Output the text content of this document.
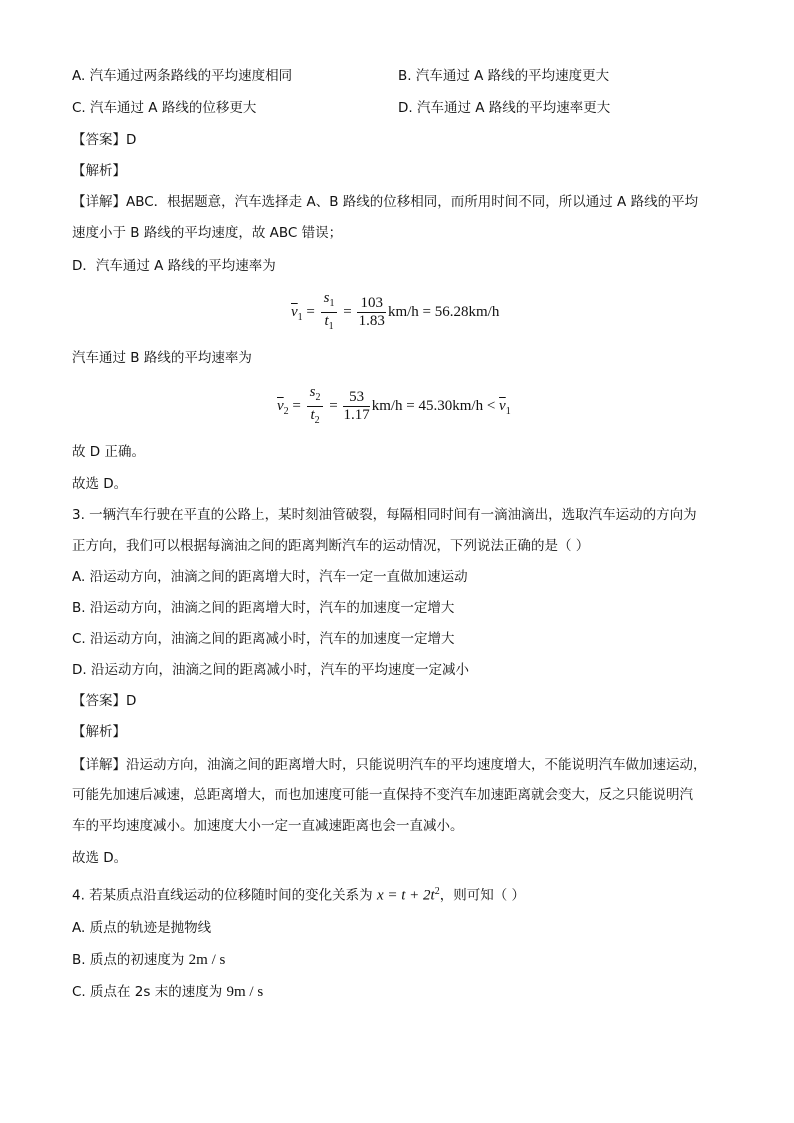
A. 汽车通过两条路线的平均速度相同	B. 汽车通过 A 路线的平均速度更大
C. 汽车通过 A 路线的位移更大	D. 汽车通过 A 路线的平均速率更大
【答案】D
【解析】
【详解】ABC．根据题意，汽车选择走 A、B 路线的位移相同，而所用时间不同，所以通过 A 路线的平均
速度小于 B 路线的平均速度，故 ABC 错误；
D．汽车通过 A 路线的平均速率为
$\overline{v}_1 = \frac{s_1}{t_1} = \frac{103}{1.83} km/h = 56.28km/h$
汽车通过 B 路线的平均速率为
$\overline{v}_2 = \frac{s_2}{t_2} = \frac{53}{1.17} km/h = 45.30km/h < \overline{v}_1$
故 D 正确。
故选 D。
3. 一辆汽车行驶在平直的公路上，某时刻油管破裂，每隔相同时间有一滴油滴出，选取汽车运动的方向为
正方向，我们可以根据每滴油之间的距离判断汽车的运动情况，下列说法正确的是（ ）
A. 沿运动方向，油滴之间的距离增大时，汽车一定一直做加速运动
B. 沿运动方向，油滴之间的距离增大时，汽车的加速度一定增大
C. 沿运动方向，油滴之间的距离减小时，汽车的加速度一定增大
D. 沿运动方向，油滴之间的距离减小时，汽车的平均速度一定减小
【答案】D
【解析】
【详解】沿运动方向，油滴之间的距离增大时，只能说明汽车的平均速度增大，不能说明汽车做加速运动，
可能先加速后减速，总距离增大，而也加速度可能一直保持不变汽车加速距离就会变大，反之只能说明汽
车的平均速度减小。加速度大小一定一直减速距离也会一直减小。
故选 D。
4. 若某质点沿直线运动的位移随时间的变化关系为 $x = t + 2t^2$，则可知（ ）
A. 质点的轨迹是抛物线
B. 质点的初速度为 2m / s
C. 质点在 2s 末的速度为 9m / s
